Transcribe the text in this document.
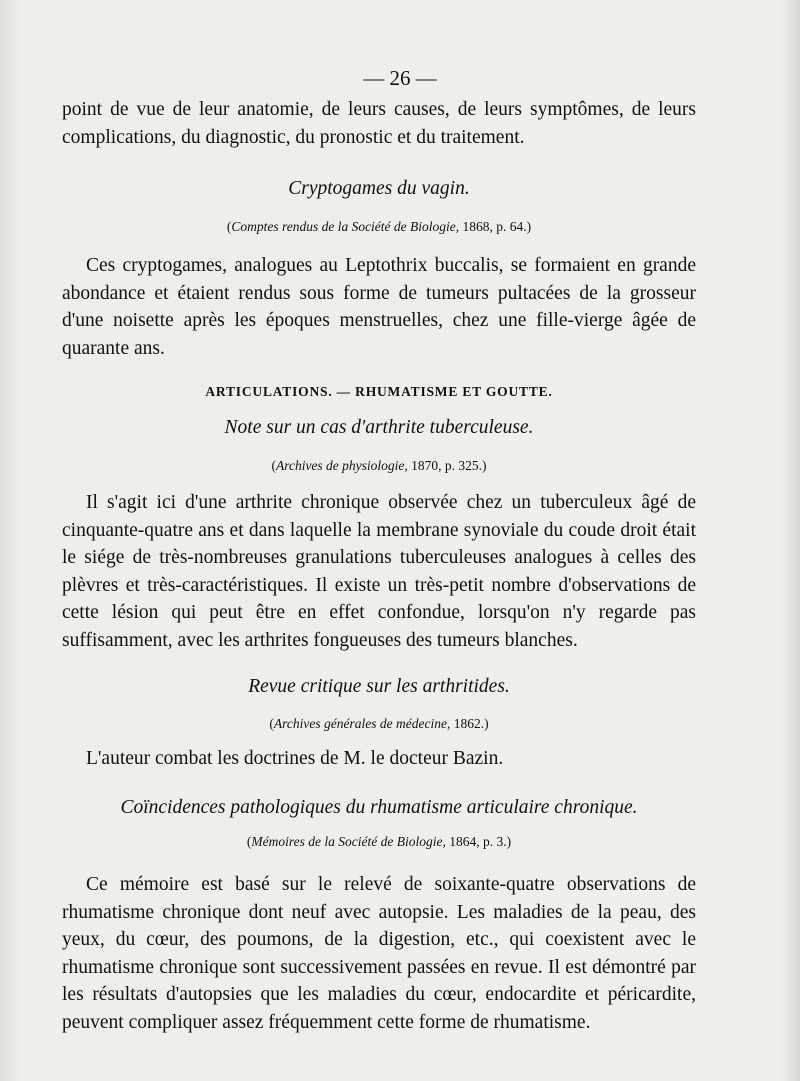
— 26 —

point de vue de leur anatomie, de leurs causes, de leurs symptômes, de leurs complications, du diagnostic, du pronostic et du traitement.

Cryptogames du vagin.

(Comptes rendus de la Société de Biologie, 1868, p. 64.)

Ces cryptogames, analogues au Leptothrix buccalis, se formaient en grande abondance et étaient rendus sous forme de tumeurs pultacées de la grosseur d'une noisette après les époques menstruelles, chez une fille-vierge âgée de quarante ans.

ARTICULATIONS. — RHUMATISME ET GOUTTE.

Note sur un cas d'arthrite tuberculeuse.

(Archives de physiologie, 1870, p. 325.)

Il s'agit ici d'une arthrite chronique observée chez un tuberculeux âgé de cinquante-quatre ans et dans laquelle la membrane synoviale du coude droit était le siége de très-nombreuses granulations tuberculeuses analogues à celles des plèvres et très-caractéristiques. Il existe un très-petit nombre d'observations de cette lésion qui peut être en effet confondue, lorsqu'on n'y regarde pas suffisamment, avec les arthrites fongueuses des tumeurs blanches.

Revue critique sur les arthritides.

(Archives générales de médecine, 1862.)

L'auteur combat les doctrines de M. le docteur Bazin.

Coïncidences pathologiques du rhumatisme articulaire chronique.

(Mémoires de la Société de Biologie, 1864, p. 3.)

Ce mémoire est basé sur le relevé de soixante-quatre observations de rhumatisme chronique dont neuf avec autopsie. Les maladies de la peau, des yeux, du cœur, des poumons, de la digestion, etc., qui coexistent avec le rhumatisme chronique sont successivement passées en revue. Il est démontré par les résultats d'autopsies que les maladies du cœur, endocardite et péricardite, peuvent compliquer assez fréquemment cette forme de rhumatisme.
